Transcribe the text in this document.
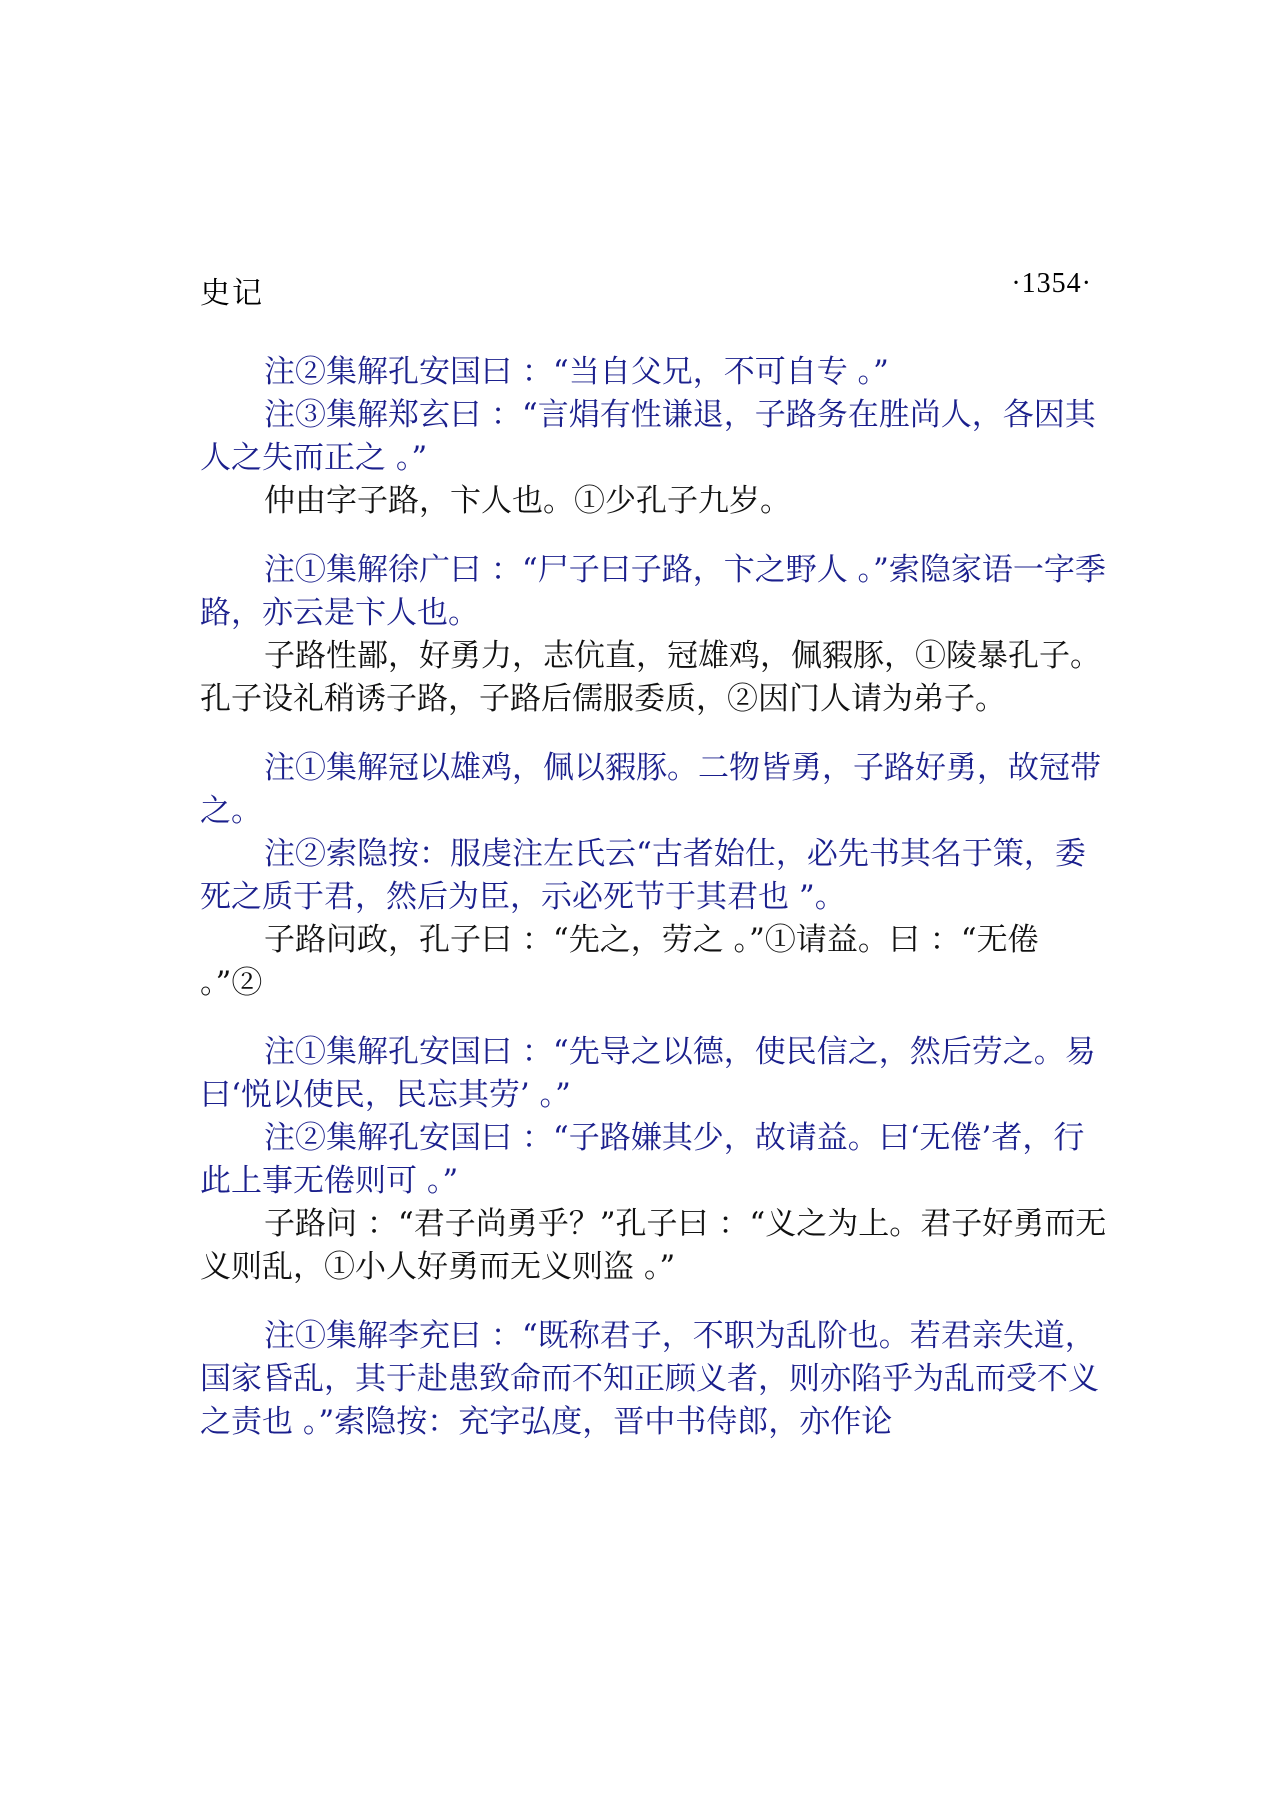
史记	·1354·

注②集解孔安国曰 ：“当自父兄，不可自专 。”

注③集解郑玄曰 ：“言焆有性谦退，子路务在胜尚人，各因其人之失而正之 。”

仲由字子路，卞人也。①少孔子九岁。

注①集解徐广曰 ：“尸子曰子路，卞之野人 。”索隐家语一字季路，亦云是卞人也。

子路性鄙，好勇力，志伉直，冠雄鸡，佩豭豚，①陵暴孔子。孔子设礼稍诱子路，子路后儒服委质，②因门人请为弟子。

注①集解冠以雄鸡，佩以豭豚。二物皆勇，子路好勇，故冠带之。

注②索隐按：服虔注左氏云“古者始仕，必先书其名于策，委死之质于君，然后为臣，示必死节于其君也 ”。

子路问政，孔子曰 ：“先之，劳之 。”①请益。曰 ：“无倦 。”②

注①集解孔安国曰 ：“先导之以德，使民信之，然后劳之。易曰‘悦以使民，民忘其劳’ 。”

注②集解孔安国曰 ：“子路嫌其少，故请益。曰‘无倦’者，行此上事无倦则可 。”

子路问 ：“君子尚勇乎？”孔子曰 ：“义之为上。君子好勇而无义则乱，①小人好勇而无义则盗 。”

注①集解李充曰 ：“既称君子，不职为乱阶也。若君亲失道，国家昏乱，其于赴患致命而不知正顾义者，则亦陷乎为乱而受不义之责也 。”索隐按：充字弘度，晋中书侍郎，亦作论
